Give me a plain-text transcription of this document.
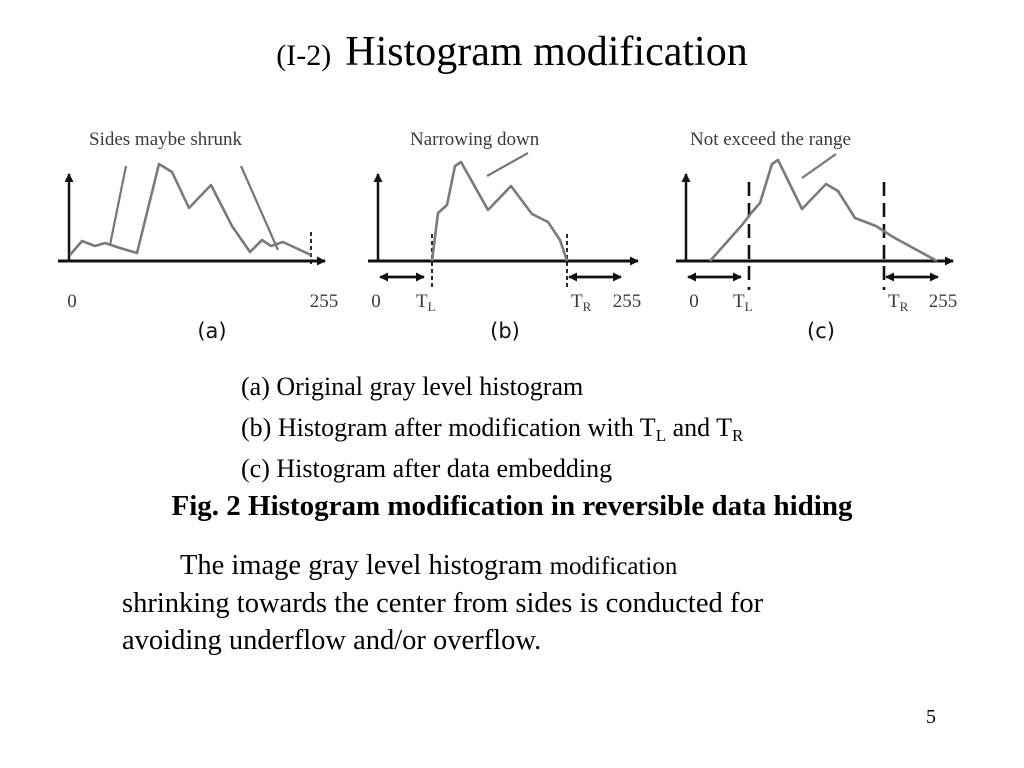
(I-2) Histogram modification
Sides maybe shrunk
0	255
(a)
Narrowing down
0 $T_L$	$T_R$ 255
(b)
Not exceed the range
0 $T_L$	$T_R$ 255
(c)
(a) Original gray level histogram
(b) Histogram after modification with $T_L$ and $T_R$
(c) Histogram after data embedding
Fig. 2 Histogram modification in reversible data hiding
The image gray level histogram modification
shrinking towards the center from sides is conducted for
avoiding underflow and/or overflow.
5
